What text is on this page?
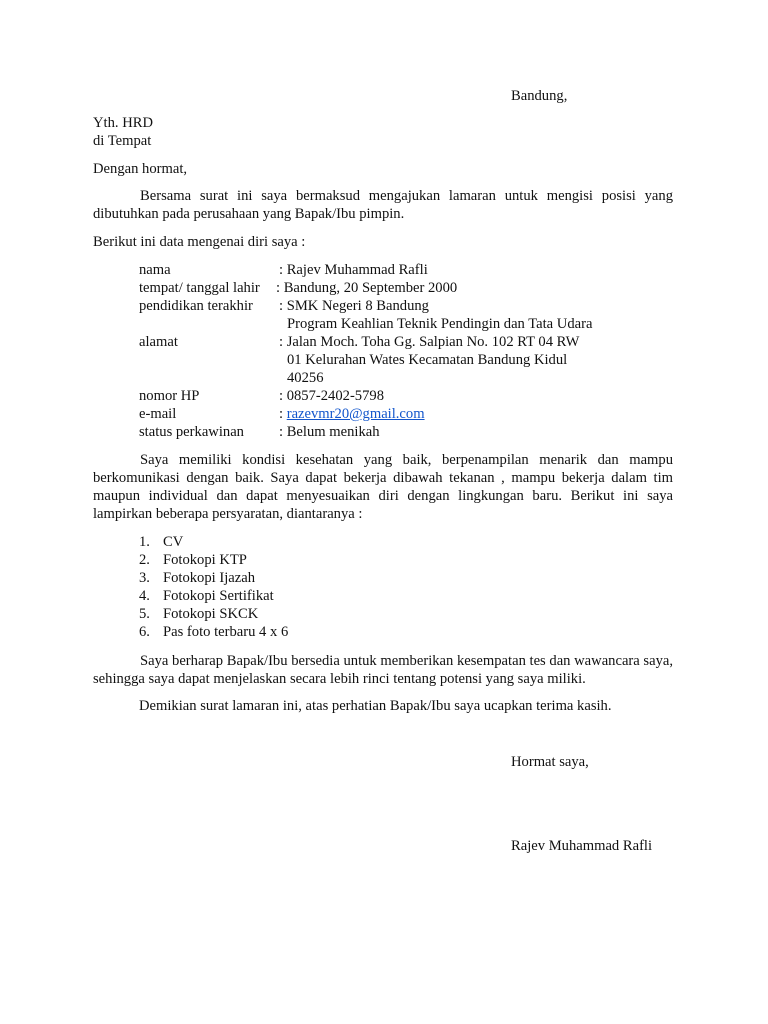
Bandung,
Yth. HRD
di Tempat
Dengan hormat,
Bersama surat ini saya bermaksud mengajukan lamaran untuk mengisi posisi yang dibutuhkan pada perusahaan yang Bapak/Ibu pimpin.
Berikut ini data mengenai diri saya :
nama	: Rajev Muhammad Rafli
tempat/ tanggal lahir : Bandung, 20 September 2000
pendidikan terakhir : SMK Negeri 8 Bandung
Program Keahlian Teknik Pendingin dan Tata Udara
alamat	: Jalan Moch. Toha Gg. Salpian No. 102 RT 04 RW
01 Kelurahan Wates Kecamatan Bandung Kidul
40256
nomor HP	: 0857-2402-5798
e-mail	: razevmr20@gmail.com
status perkawinan : Belum menikah
Saya memiliki kondisi kesehatan yang baik, berpenampilan menarik dan mampu berkomunikasi dengan baik. Saya dapat bekerja dibawah tekanan , mampu bekerja dalam tim maupun individual dan dapat menyesuaikan diri dengan lingkungan baru. Berikut ini saya lampirkan beberapa persyaratan, diantaranya :
1. CV
2. Fotokopi KTP
3. Fotokopi Ijazah
4. Fotokopi Sertifikat
5. Fotokopi SKCK
6. Pas foto terbaru 4 x 6
Saya berharap Bapak/Ibu bersedia untuk memberikan kesempatan tes dan wawancara saya, sehingga saya dapat menjelaskan secara lebih rinci tentang potensi yang saya miliki.
Demikian surat lamaran ini, atas perhatian Bapak/Ibu saya ucapkan terima kasih.
Hormat saya,
Rajev Muhammad Rafli
